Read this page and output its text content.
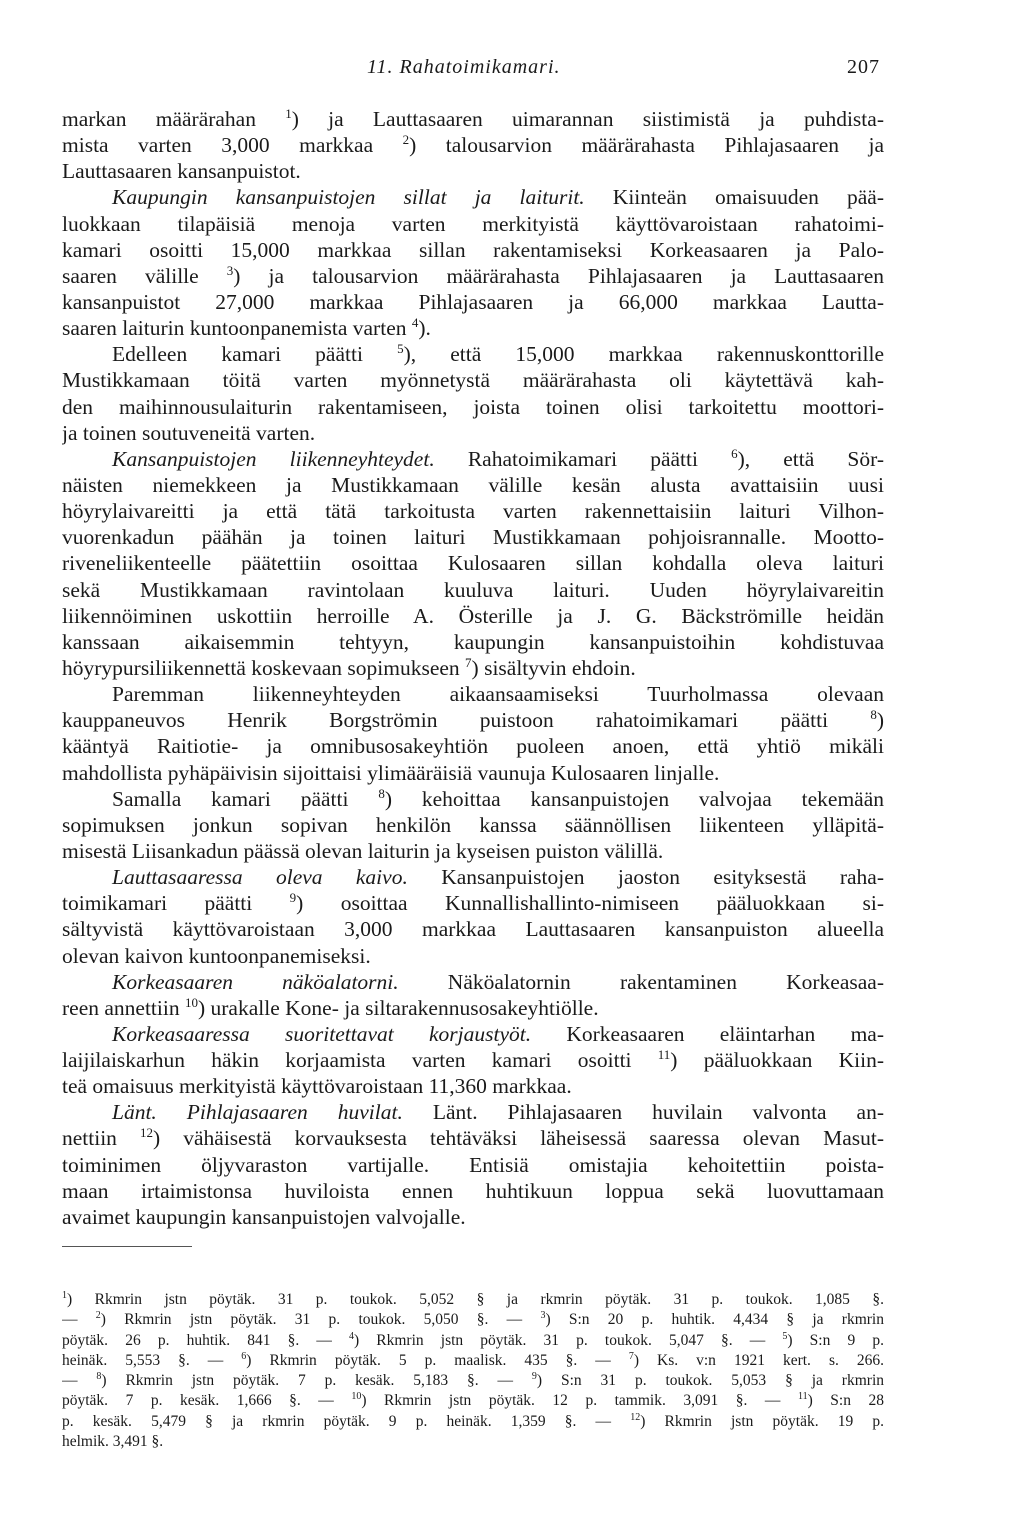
11. Rahatoimikamari.	207
markan määrärahan $^1$) ja Lauttasaaren uimarannan siistimistä ja puhdista-
mista varten 3,000 markkaa $^2$) talousarvion määrärahasta Pihlajasaaren ja
Lauttasaaren kansanpuistot.
Kaupungin kansanpuistojen sillat ja laiturit. Kiinteän omaisuuden pää-
luokkaan tilapäisiä menoja varten merkityistä käyttövaroistaan rahatoimi-
kamari osoitti 15,000 markkaa sillan rakentamiseksi Korkeasaaren ja Palo-
saaren välille $^3$) ja talousarvion määrärahasta Pihlajasaaren ja Lauttasaaren
kansanpuistot 27,000 markkaa Pihlajasaaren ja 66,000 markkaa Lautta-
saaren laiturin kuntoonpanemista varten $^4$).
Edelleen kamari päätti $^5$), että 15,000 markkaa rakennuskonttorille
Mustikkamaan töitä varten myönnetystä määrärahasta oli käytettävä kah-
den maihinnousulaiturin rakentamiseen, joista toinen olisi tarkoitettu moottori-
ja toinen soutuveneitä varten.
Kansanpuistojen liikenneyhteydet. Rahatoimikamari päätti $^6$), että Sör-
näisten niemekkeen ja Mustikkamaan välille kesän alusta avattaisiin uusi
höyrylaivareitti ja että tätä tarkoitusta varten rakennettaisiin laituri Vilhon-
vuorenkadun päähän ja toinen laituri Mustikkamaan pohjoisrannalle. Mootto-
riveneliikenteelle päätettiin osoittaa Kulosaaren sillan kohdalla oleva laituri
sekä Mustikkamaan ravintolaan kuuluva laituri. Uuden höyrylaivareitin
liikennöiminen uskottiin herroille A. Österille ja J. G. Bäckströmille heidän
kanssaan aikaisemmin tehtyyn, kaupungin kansanpuistoihin kohdistuvaa
höyrypursiliikennettä koskevaan sopimukseen $^7$) sisältyvin ehdoin.
Paremman liikenneyhteyden aikaansaamiseksi Tuurholmassa olevaan
kauppaneuvos Henrik Borgströmin puistoon rahatoimikamari päätti $^8$)
kääntyä Raitiotie- ja omnibusosakeyhtiön puoleen anoen, että yhtiö mikäli
mahdollista pyhäpäivisin sijoittaisi ylimääräisiä vaunuja Kulosaaren linjalle.
Samalla kamari päätti $^8$) kehoittaa kansanpuistojen valvojaa tekemään
sopimuksen jonkun sopivan henkilön kanssa säännöllisen liikenteen ylläpitä-
misestä Liisankadun päässä olevan laiturin ja kyseisen puiston välillä.
Lauttasaaressa oleva kaivo. Kansanpuistojen jaoston esityksestä raha-
toimikamari päätti $^9$) osoittaa Kunnallishallinto-nimiseen pääluokkaan si-
sältyvistä käyttövaroistaan 3,000 markkaa Lauttasaaren kansanpuiston alueella
olevan kaivon kuntoonpanemiseksi.
Korkeasaaren näköalatorni. Näköalatornin rakentaminen Korkeasaa-
reen annettiin $^{10}$) urakalle Kone- ja siltarakennusosakeyhtiölle.
Korkeasaaressa suoritettavat korjaustyöt. Korkeasaaren eläintarhan ma-
laijilaiskarhun häkin korjaamista varten kamari osoitti $^{11}$) pääluokkaan Kiin-
teä omaisuus merkityistä käyttövaroistaan 11,360 markkaa.
Länt. Pihlajasaaren huvilat. Länt. Pihlajasaaren huvilain valvonta an-
nettiin $^{12}$) vähäisestä korvauksesta tehtäväksi läheisessä saaressa olevan Masut-
toiminimen öljyvaraston vartijalle. Entisiä omistajia kehoitettiin poista-
maan irtaimistonsa huviloista ennen huhtikuun loppua sekä luovuttamaan
avaimet kaupungin kansanpuistojen valvojalle.
$^1$) Rkmrin jstn pöytäk. 31 p. toukok. 5,052 § ja rkmrin pöytäk. 31 p. toukok. 1,085 §.
— $^2$) Rkmrin jstn pöytäk. 31 p. toukok. 5,050 §. — $^3$) S:n 20 p. huhtik. 4,434 § ja rkmrin
pöytäk. 26 p. huhtik. 841 §. — $^4$) Rkmrin jstn pöytäk. 31 p. toukok. 5,047 §. — $^5$) S:n 9 p.
heinäk. 5,553 §. — $^6$) Rkmrin pöytäk. 5 p. maalisk. 435 §. — $^7$) Ks. v:n 1921 kert. s. 266.
— $^8$) Rkmrin jstn pöytäk. 7 p. kesäk. 5,183 §. — $^9$) S:n 31 p. toukok. 5,053 § ja rkmrin
pöytäk. 7 p. kesäk. 1,666 §. — $^{10}$) Rkmrin jstn pöytäk. 12 p. tammik. 3,091 §. — $^{11}$) S:n 28
p. kesäk. 5,479 § ja rkmrin pöytäk. 9 p. heinäk. 1,359 §. — $^{12}$) Rkmrin jstn pöytäk. 19 p.
helmik. 3,491 §.
